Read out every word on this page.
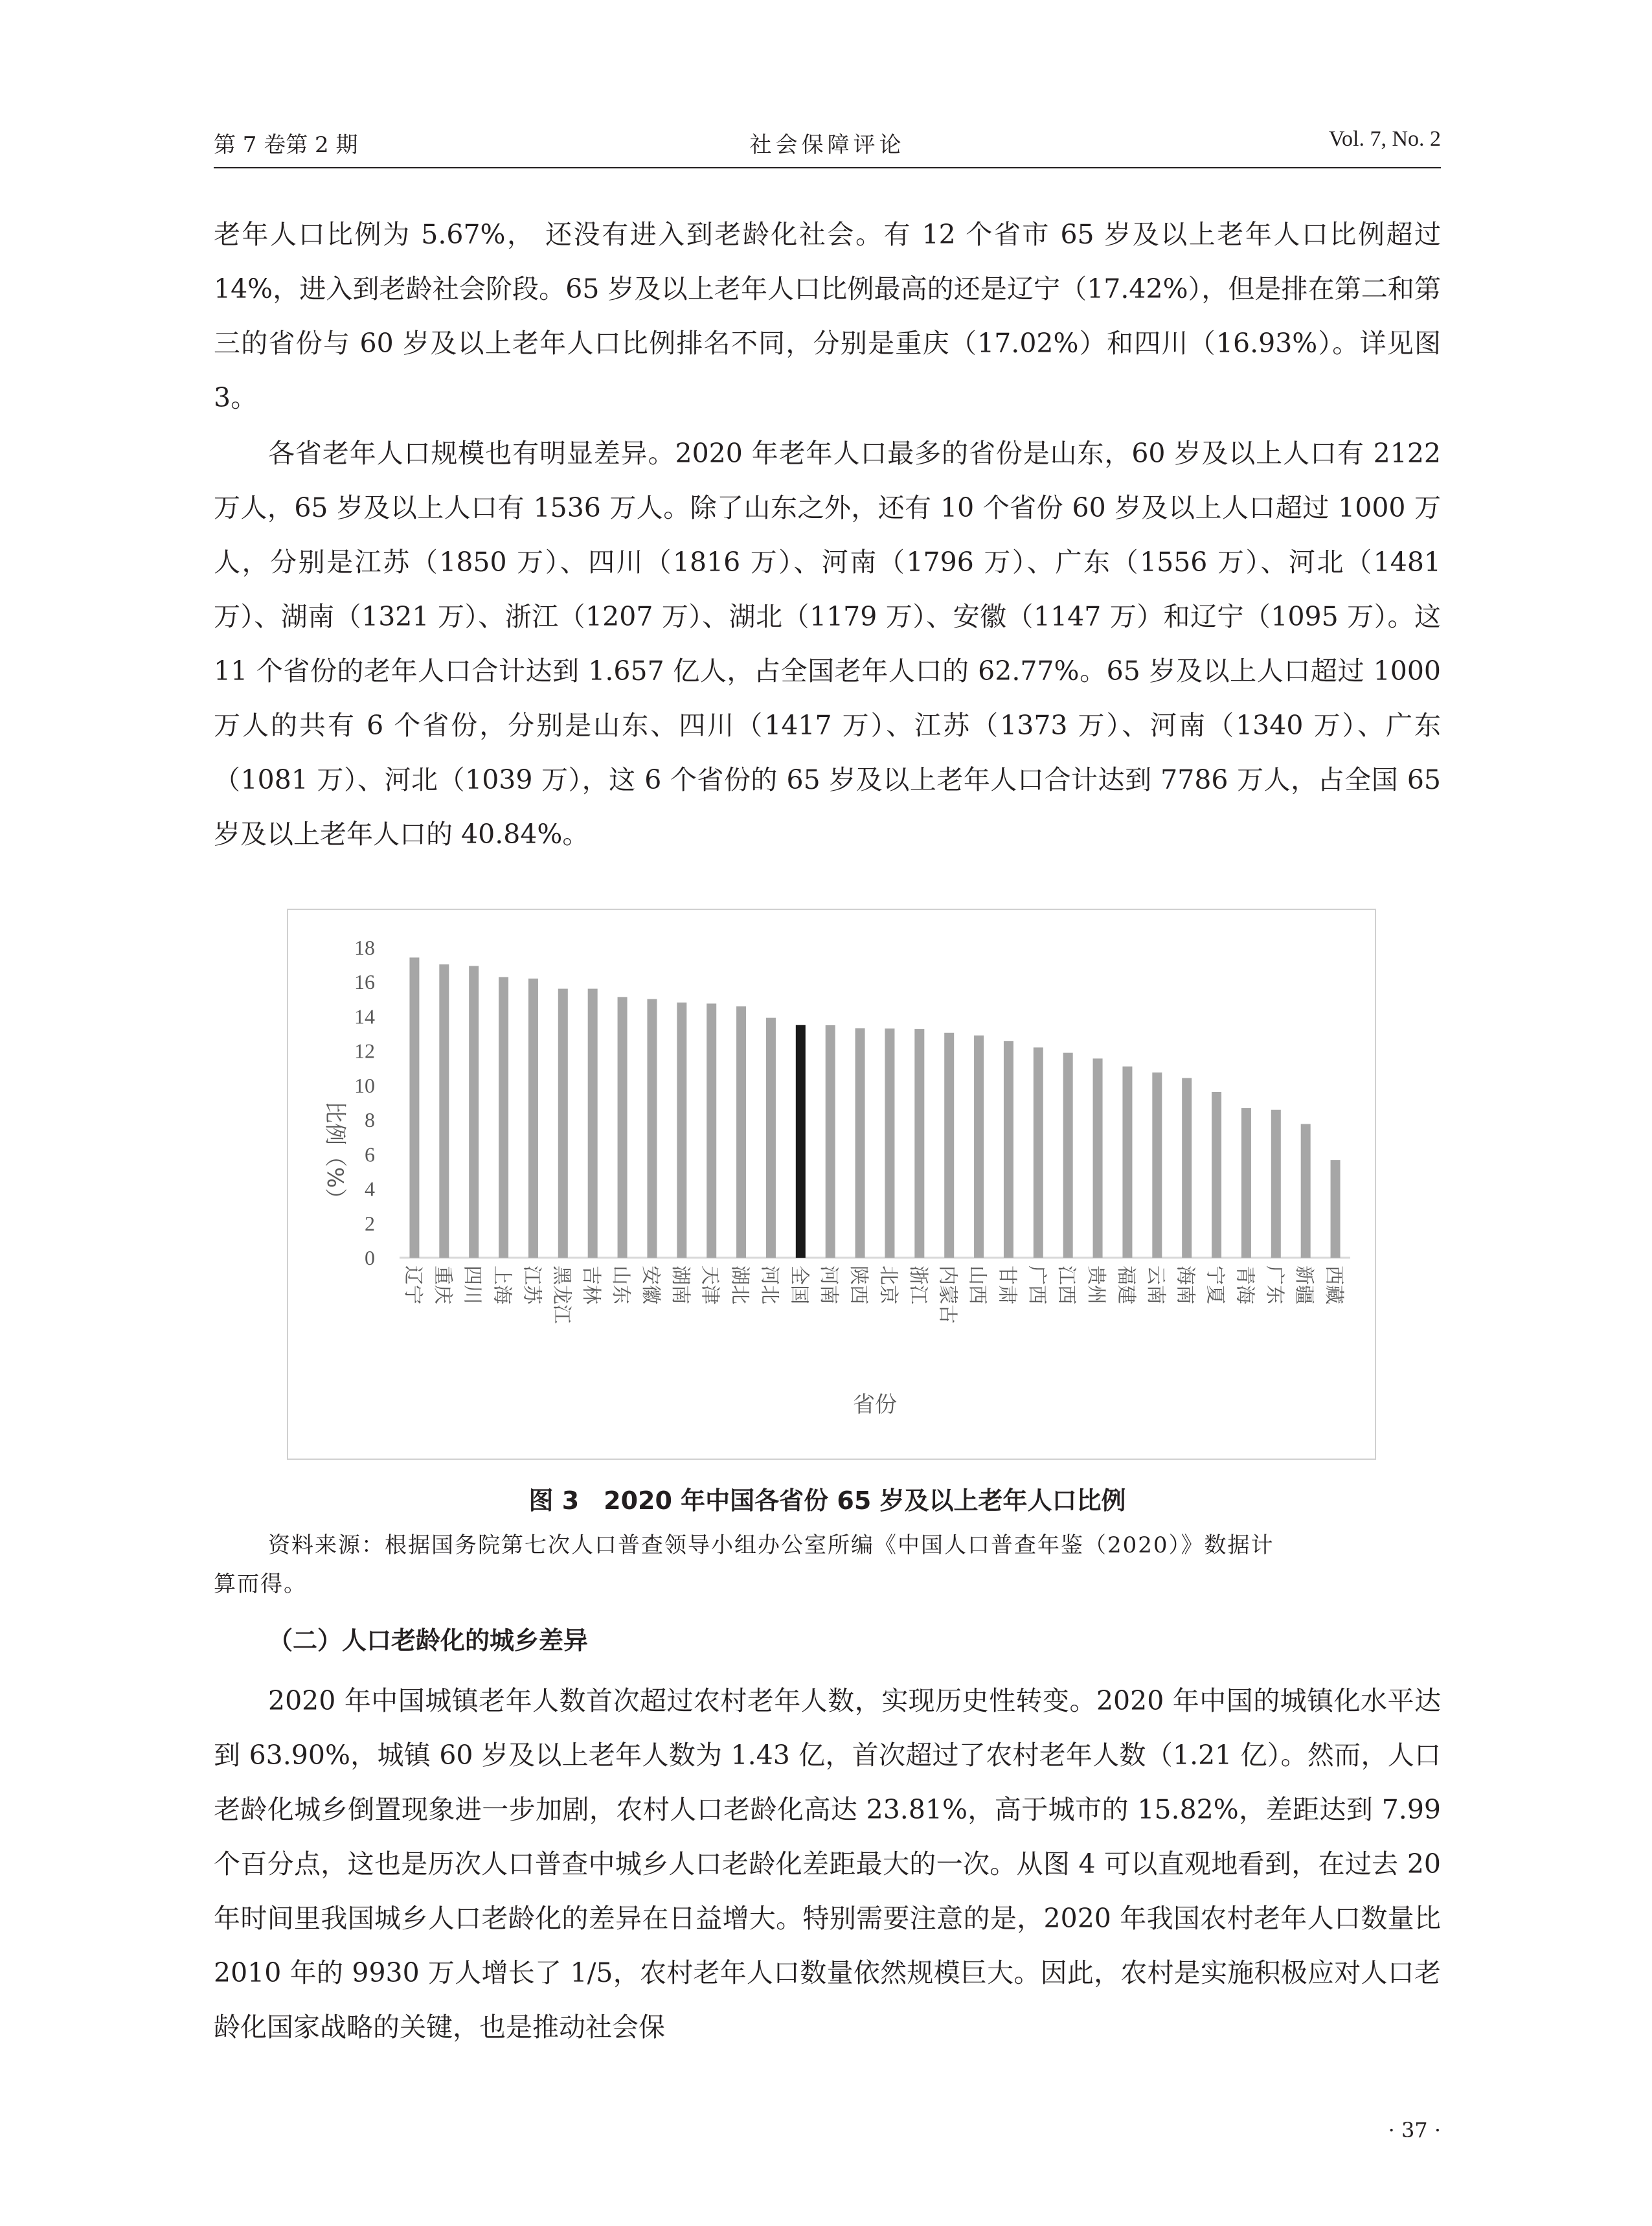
第 7 卷第 2 期	社会保障评论	Vol. 7, No. 2

老年人口比例为 5.67%， 还没有进入到老龄化社会。有 12 个省市 65 岁及以上老年人口比例超过 14%，进入到老龄社会阶段。65 岁及以上老年人口比例最高的还是辽宁（17.42%），但是排在第二和第三的省份与 60 岁及以上老年人口比例排名不同，分别是重庆（17.02%）和四川（16.93%）。详见图 3。

各省老年人口规模也有明显差异。2020 年老年人口最多的省份是山东，60 岁及以上人口有 2122 万人，65 岁及以上人口有 1536 万人。除了山东之外，还有 10 个省份 60 岁及以上人口超过 1000 万人，分别是江苏（1850 万）、四川（1816 万）、河南（1796 万）、广东（1556 万）、河北（1481 万）、湖南（1321 万）、浙江（1207 万）、湖北（1179 万）、安徽（1147 万）和辽宁（1095 万）。这 11 个省份的老年人口合计达到 1.657 亿人，占全国老年人口的 62.77%。65 岁及以上人口超过 1000 万人的共有 6 个省份，分别是山东、四川（1417 万）、江苏（1373 万）、河南（1340 万）、广东（1081 万）、河北（1039 万），这 6 个省份的 65 岁及以上老年人口合计达到 7786 万人，占全国 65 岁及以上老年人口的 40.84%。

0
2
4
6
8
10
12
14
16
18
辽宁 重庆 四川 上海 江苏 黑龙江 吉林 山东 安徽 湖南 天津 湖北 河北 全国 河南 陕西 北京 浙江 内蒙古 山西 甘肃 广西 江西 贵州 福建 云南 海南 宁夏 青海 广东 新疆 西藏
省份
比例（%）
图 3　2020 年中国各省份 65 岁及以上老年人口比例
资料来源：根据国务院第七次人口普查领导小组办公室所编《中国人口普查年鉴（2020）》数据计
算而得。
（二）人口老龄化的城乡差异

2020 年中国城镇老年人数首次超过农村老年人数，实现历史性转变。2020 年中国的城镇化水平达到 63.90%，城镇 60 岁及以上老年人数为 1.43 亿，首次超过了农村老年人数（1.21 亿）。然而，人口老龄化城乡倒置现象进一步加剧，农村人口老龄化高达 23.81%，高于城市的 15.82%，差距达到 7.99 个百分点，这也是历次人口普查中城乡人口老龄化差距最大的一次。从图 4 可以直观地看到，在过去 20 年时间里我国城乡人口老龄化的差异在日益增大。特别需要注意的是，2020 年我国农村老年人口数量比 2010 年的 9930 万人增长了 1/5，农村老年人口数量依然规模巨大。因此，农村是实施积极应对人口老龄化国家战略的关键，也是推动社会保

· 37 ·
